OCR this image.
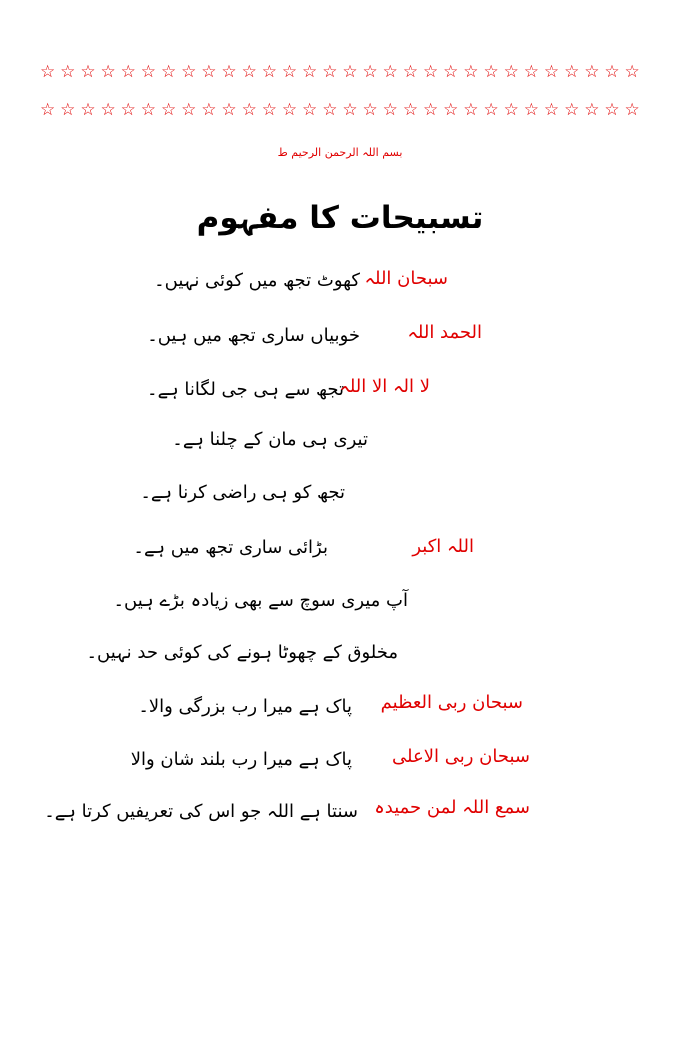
☆ ☆ ☆ ☆ ☆ ☆ ☆ ☆ ☆ ☆ ☆ ☆ ☆ ☆ ☆ ☆ ☆ ☆ ☆ ☆ ☆ ☆ ☆ ☆ ☆ ☆ ☆ ☆ ☆ ☆
☆ ☆ ☆ ☆ ☆ ☆ ☆ ☆ ☆ ☆ ☆ ☆ ☆ ☆ ☆ ☆ ☆ ☆ ☆ ☆ ☆ ☆ ☆ ☆ ☆ ☆ ☆ ☆ ☆ ☆
بسم اللہ الرحمن الرحیم ط
تسبیحات کا مفہوم
سبحان اللہ
کھوٹ تجھ میں کوئی نہیں۔
الحمد اللہ
خوبیاں ساری تجھ میں ہیں۔
لا الہ الا اللہ
تجھ سے ہی جی لگانا ہے۔
تیری ہی مان کے چلنا ہے۔
تجھ کو ہی راضی کرنا ہے۔
اللہ اکبر
بڑائی ساری تجھ میں ہے۔
آپ میری سوچ سے بھی زیادہ بڑے ہیں۔
مخلوق کے چھوٹا ہونے کی کوئی حد نہیں۔
سبحان ربی العظیم
پاک ہے میرا رب بزرگی والا۔
سبحان ربی الاعلی
پاک ہے میرا رب بلند شان والا
سمع اللہ لمن حمیدہ
سنتا ہے اللہ جو اس کی تعریفیں کرتا ہے۔
